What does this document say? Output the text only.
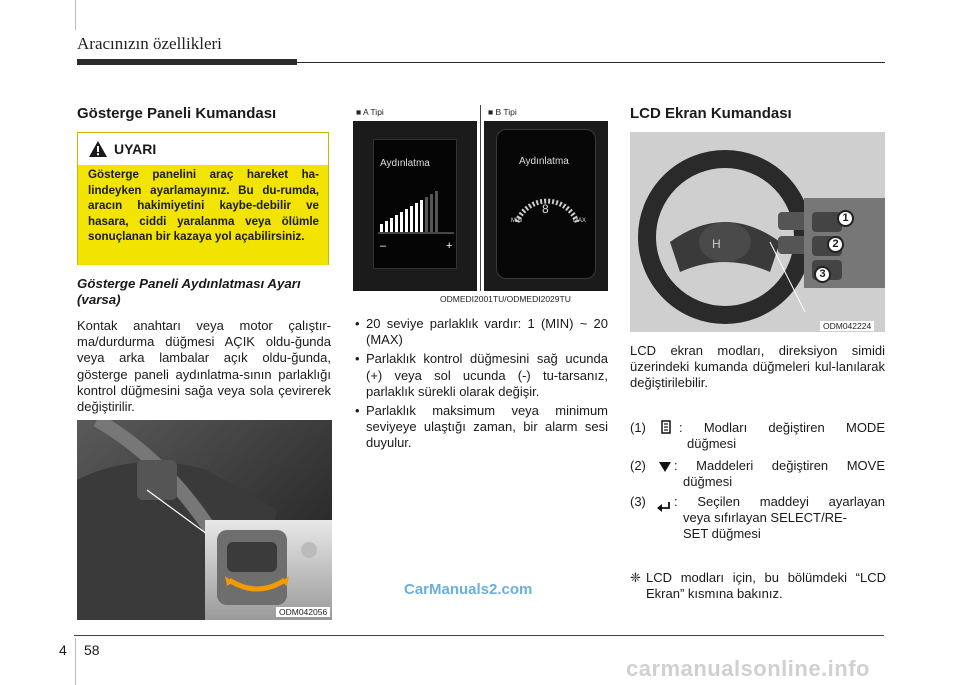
Aracınızın özellikleri
Gösterge Paneli Kumandası
UYARI
Gösterge panelini araç hareket ha-lindeyken ayarlamayınız. Bu du-rumda, aracın hakimiyetini kaybe-debilir ve hasara, ciddi yaralanma veya ölümle sonuçlanan bir kazaya yol açabilirsiniz.
Gösterge Paneli Aydınlatması Ayarı (varsa)
Kontak anahtarı veya motor çalıştır-ma/durdurma düğmesi AÇIK oldu-ğunda veya arka lambalar açık oldu-ğunda, gösterge paneli aydınlatma-sının parlaklığı kontrol düğmesini sağa veya sola çevirerek değiştirilir.
ODM042056
■ A Tipi	■ B Tipi
Aydınlatma
–	+
Aydınlatma
8
MIN	MAX
ODMEDI2001TU/ODMEDI2029TU
• 20 seviye parlaklık vardır: 1 (MIN) ~ 20 (MAX)
• Parlaklık kontrol düğmesini sağ ucunda (+) veya sol ucunda (-) tu-tarsanız, parlaklık sürekli olarak değişir.
• Parlaklık maksimum veya minimum seviyeye ulaştığı zaman, bir alarm sesi duyulur.
CarManuals2.com
LCD Ekran Kumandası
H
1
2
3
ODM042224
LCD ekran modları, direksiyon simidi üzerindeki kumanda düğmeleri kul-lanılarak değiştirilebilir.
(1)	: Modları değiştiren MODE
düğmesi
(2) : Maddeleri değiştiren MOVE
düğmesi
(3) : Seçilen maddeyi ayarlayan
veya sıfırlayan SELECT/RE-
SET düğmesi
❈ LCD modları için, bu bölümdeki “LCD Ekran” kısmına bakınız.
4 58
carmanualsonline.info
